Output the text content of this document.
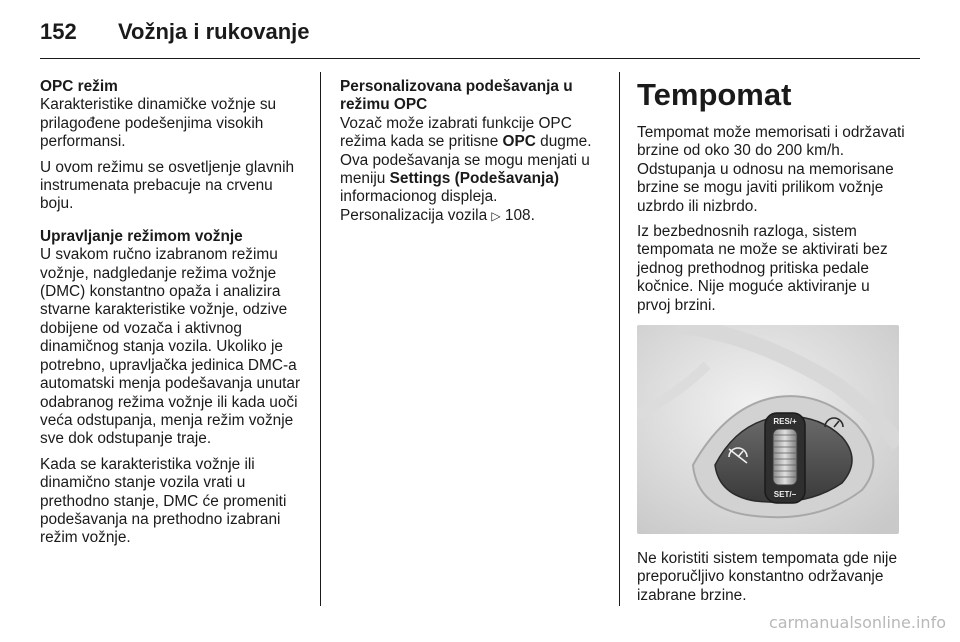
152	Vožnja i rukovanje
OPC režim

Karakteristike dinamičke vožnje su prilagođene podešenjima visokih performansi.

U ovom režimu se osvetljenje glavnih instrumenata prebacuje na crvenu boju.

Upravljanje režimom vožnje

U svakom ručno izabranom režimu vožnje, nadgledanje režima vožnje (DMC) konstantno opaža i analizira stvarne karakteristike vožnje, odzive dobijene od vozača i aktivnog dinamičnog stanja vozila. Ukoliko je potrebno, upravljačka jedinica DMC-a automatski menja podešavanja unutar odabranog režima vožnje ili kada uoči veća odstupanja, menja režim vožnje sve dok odstupanje traje.

Kada se karakteristika vožnje ili dinamično stanje vozila vrati u prethodno stanje, DMC će promeniti podešavanja na prethodno izabrani režim vožnje.

Personalizovana podešavanja u režimu OPC

Vozač može izabrati funkcije OPC režima kada se pritisne OPC dugme. Ova podešavanja se mogu menjati u meniju Settings (Podešavanja) informacionog displeja.
Personalizacija vozila ▷ 108.

Tempomat

Tempomat može memorisati i održavati brzine od oko 30 do 200 km/h. Odstupanja u odnosu na memorisane brzine se mogu javiti prilikom vožnje uzbrdo ili nizbrdo.

Iz bezbednosnih razloga, sistem tempomata ne može se aktivirati bez jednog prethodnog pritiska pedale kočnice. Nije moguće aktiviranje u prvoj brzini.

RES/+
SET/−

Ne koristiti sistem tempomata gde nije preporučljivo konstantno održavanje izabrane brzine.

carmanualsonline.info
